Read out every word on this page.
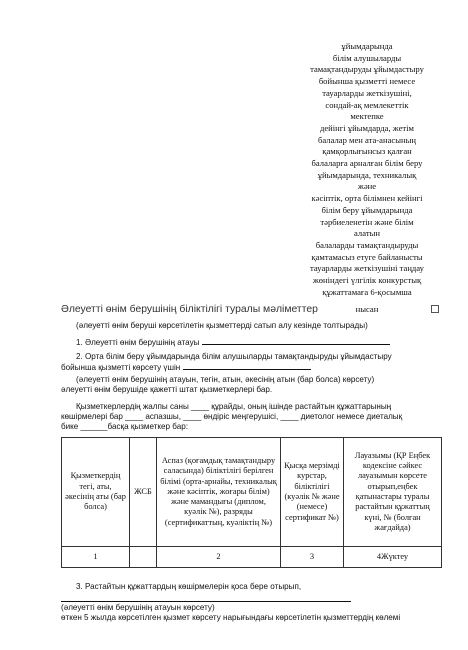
ұйымдарында
білім алушыларды
тамақтандыруды ұйымдастыру
бойынша қызметті немесе
тауарларды жеткізушіні,
сондай-ақ мемлекеттік
мектепке
дейінгі ұйымдарда, жетім
балалар мен ата-анасының
қамқорлығынсыз қалған
балаларға арналған білім беру
ұйымдарында, техникалық
және
кәсіптік, орта білімнен кейінгі
білім беру ұйымдарында
тәрбиеленетін және білім
алатын
балаларды тамақтандыруды
қамтамасыз етуге байланысты
тауарларды жеткізушіні таңдау
жөніндегі үлгілік конкурстық
құжаттамаға 6-қосымша
нысан
Әлеуетті өнім берушінің біліктілігі туралы мәліметтер
(әлеуетті өнім беруші көрсетілетін қызметтерді сатып алу кезінде толтырады)
1. Әлеуетті өнім берушінің атауы
2. Орта білім беру ұйымдарында білім алушыларды тамақтандыруды ұйымдастыру
бойынша қызметті көрсету үшін
(әлеуетті өнім берушінің атауын, тегін, атын, әкесінің атын (бар болса) көрсету)
әлеуетті өнім берушіде қажетті штат қызметкерлері бар.
Қызметкерлердің жалпы саны ____ құрайды, оның ішінде растайтын құжаттарының
көшірмелері бар ____ аспазшы, ____ өндіріс меңгерушісі, ____ диетолог немесе диеталық
бике ______басқа қызметкер бар:
Қызметкердің тегі, аты, әкесінің аты (бар болса)	ЖСБ	Аспаз (қоғамдық тамақтандыру саласында) біліктілігі берілген білімі (орта-арнайы, техникалық және кәсіптік, жоғары білім) және мамандығы (диплом, куәлік №), разряды (сертификаттың, куәліктің №)	Қысқа мерзімді курстар, біліктілігі (куәлік № және (немесе) сертификат №)	Лауазымы (ҚР Еңбек кодексіне сәйкес лауазымын көрсете отырып,еңбек қатынастары туралы растайтын құжаттың күні, № (болған жағдайда)
1		2	3	4Жүктеу
3. Растайтын құжаттардың көшірмелерін қоса бере отырып,
(әлеуетті өнім берушінің атауын көрсету)
өткен 5 жылда көрсетілген қызмет көрсету нарығындағы көрсетілетін қызметтердің көлемі
